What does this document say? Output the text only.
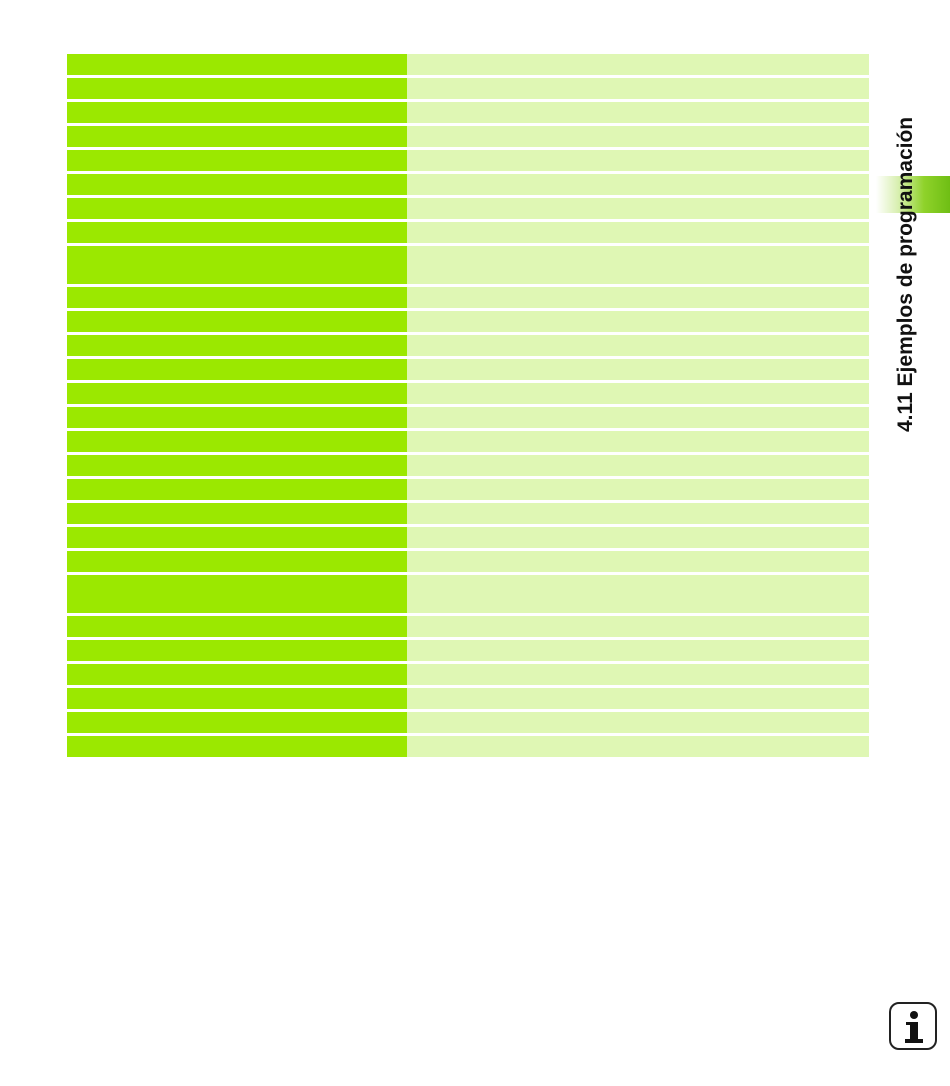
4.11 Ejemplos de programación
